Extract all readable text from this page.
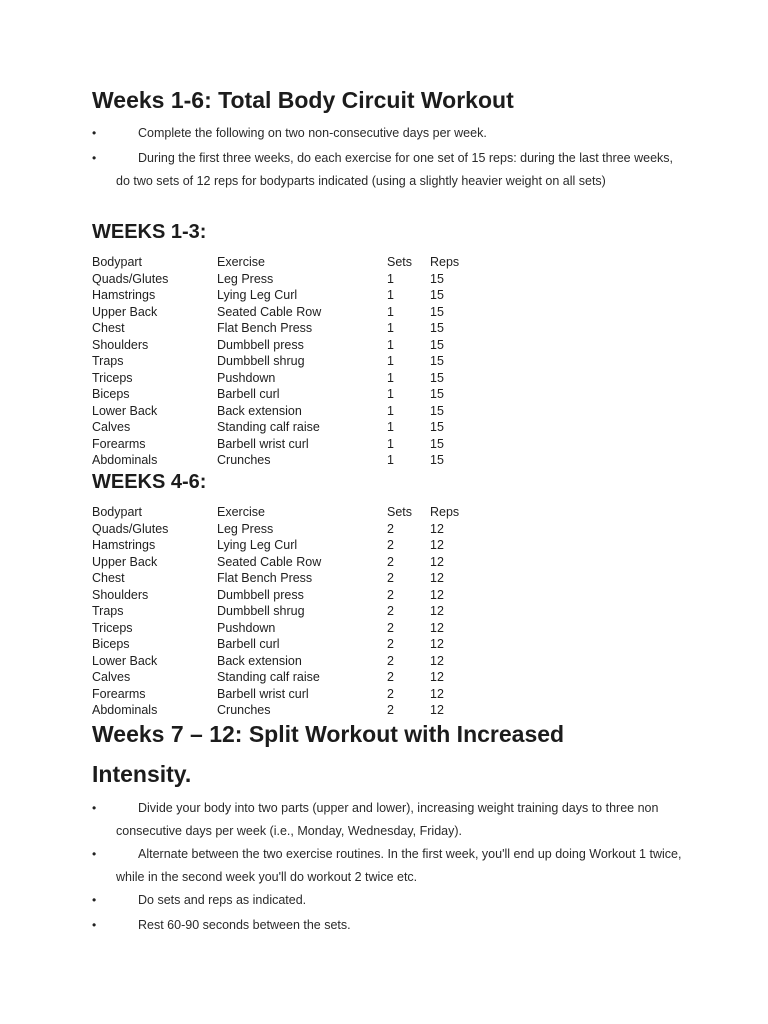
Weeks 1-6: Total Body Circuit Workout
•	Complete the following on two non-consecutive days per week.
•	During the first three weeks, do each exercise for one set of 15 reps: during the last three weeks, do two sets of 12 reps for bodyparts indicated (using a slightly heavier weight on all sets)
WEEKS 1-3:
Bodypart	Exercise	Sets	Reps
Quads/Glutes	Leg Press	1	15
Hamstrings	Lying Leg Curl	1	15
Upper Back	Seated Cable Row	1	15
Chest	Flat Bench Press	1	15
Shoulders	Dumbbell press	1	15
Traps	Dumbbell shrug	1	15
Triceps	Pushdown	1	15
Biceps	Barbell curl	1	15
Lower Back	Back extension	1	15
Calves	Standing calf raise	1	15
Forearms	Barbell wrist curl	1	15
Abdominals	Crunches	1	15
WEEKS 4-6:
Bodypart	Exercise	Sets	Reps
Quads/Glutes	Leg Press	2	12
Hamstrings	Lying Leg Curl	2	12
Upper Back	Seated Cable Row	2	12
Chest	Flat Bench Press	2	12
Shoulders	Dumbbell press	2	12
Traps	Dumbbell shrug	2	12
Triceps	Pushdown	2	12
Biceps	Barbell curl	2	12
Lower Back	Back extension	2	12
Calves	Standing calf raise	2	12
Forearms	Barbell wrist curl	2	12
Abdominals	Crunches	2	12
Weeks 7 – 12: Split Workout with Increased
Intensity.
•	Divide your body into two parts (upper and lower), increasing weight training days to three non consecutive days per week (i.e., Monday, Wednesday, Friday).
•	Alternate between the two exercise routines. In the first week, you'll end up doing Workout 1 twice, while in the second week you'll do workout 2 twice etc.
•	Do sets and reps as indicated.
•	Rest 60-90 seconds between the sets.
